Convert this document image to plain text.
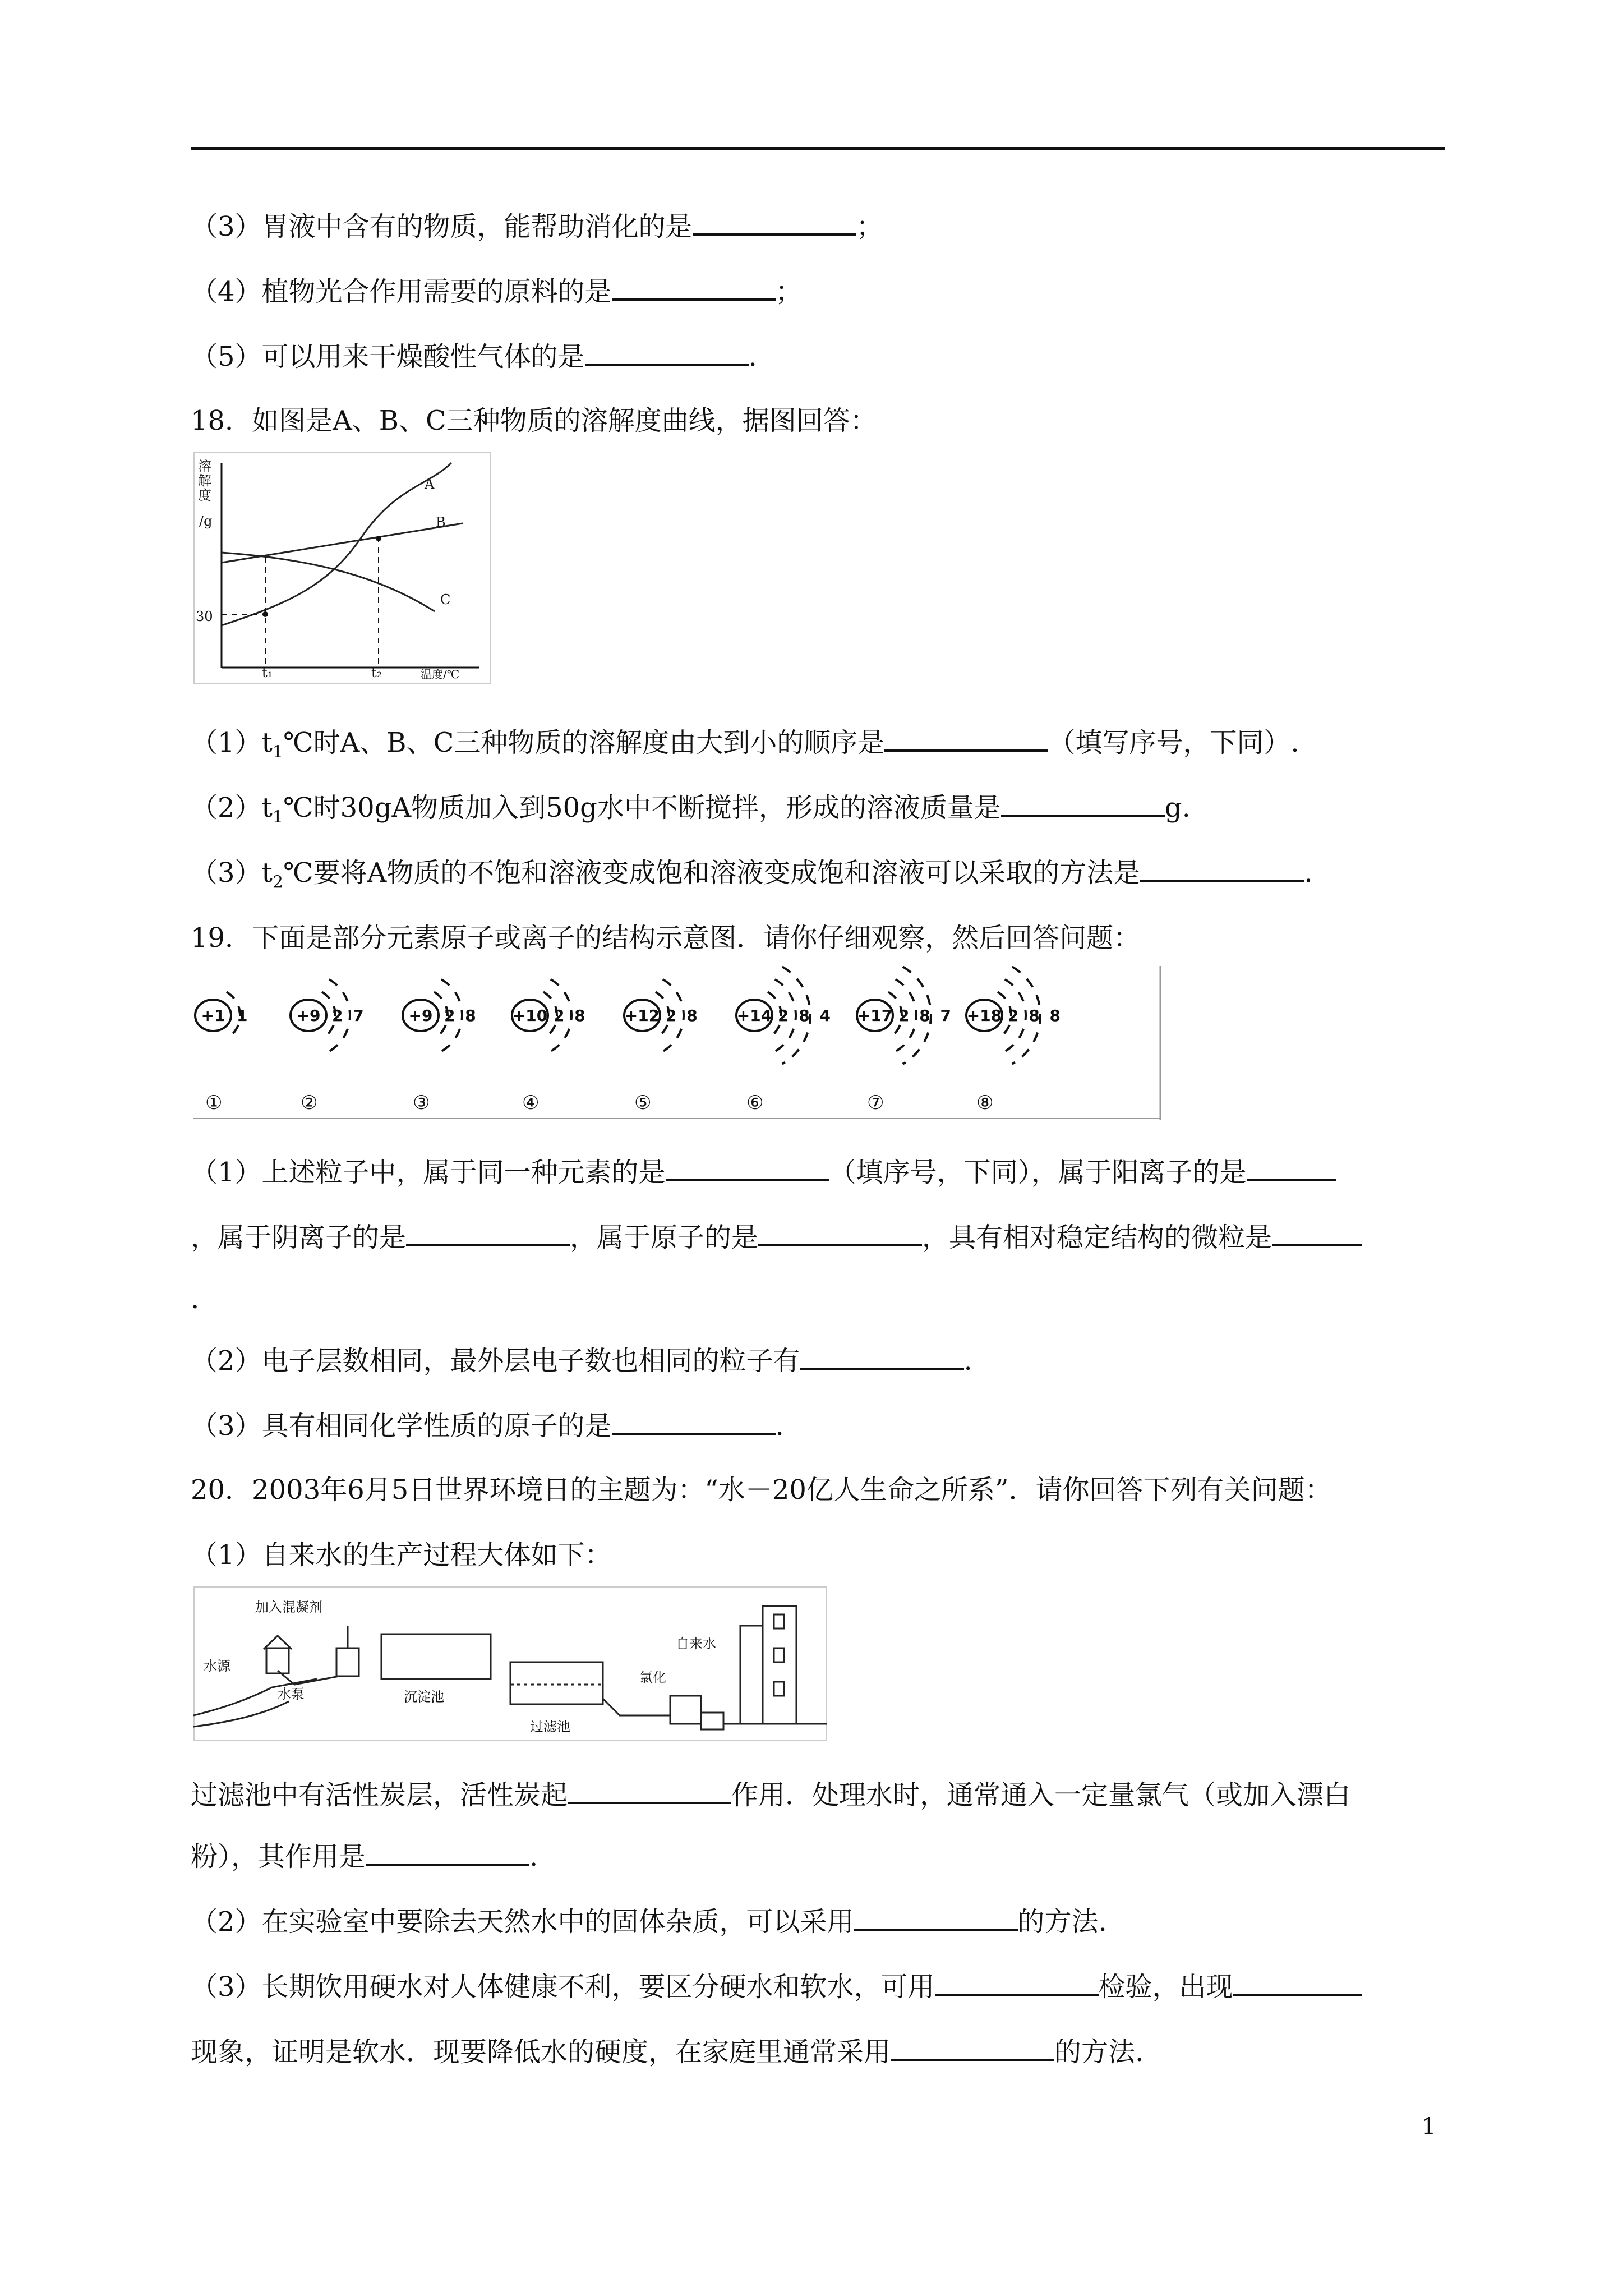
（3）胃液中含有的物质，能帮助消化的是	；
（4）植物光合作用需要的原料的是	；
（5）可以用来干燥酸性气体的是	.
18．如图是A、B、C三种物质的溶解度曲线，据图回答：
溶
解
度
/g
30
t₁	t₂	温度/℃
A
B
C
$(1)t_1℃$时A、B、C三种物质的溶解度由大到小的顺序是	（填写序号，下同）.
$(2)t_1℃$时30gA物质加入到50g水中不断搅拌，形成的溶液质量是	g.
$(3)t_2℃$要将A物质的不饱和溶液变成饱和溶液变成饱和溶液可以采取的方法是	.
19．下面是部分元素原子或离子的结构示意图．请你仔细观察，然后回答问题：
+1 1
①
+9 2 7
②
+9 2 8
③
+10 2 8
④
+12 2 8
⑤
+14 2 8 4
⑥
+17 2 8 7
⑦
+18 2 8 8
⑧
（1）上述粒子中，属于同一种元素的是	（填序号，下同），属于阳离子的是
，属于阴离子的是	，属于原子的是	，具有相对稳定结构的微粒是
.
（2）电子层数相同，最外层电子数也相同的粒子有	.
（3）具有相同化学性质的原子的是	.
20．2003年6月5日世界环境日的主题为：“水－20亿人生命之所系”．请你回答下列有关问题：
（1）自来水的生产过程大体如下：
加入混凝剂
水源
水泵	沉淀池
过滤池
氯化
自来水
过滤池中有活性炭层，活性炭起	作用．处理水时，通常通入一定量氯气（或加入漂白
粉），其作用是	.
（2）在实验室中要除去天然水中的固体杂质，可以采用	的方法.
（3）长期饮用硬水对人体健康不利，要区分硬水和软水，可用	检验，出现
现象，证明是软水．现要降低水的硬度，在家庭里通常采用	的方法.
1
